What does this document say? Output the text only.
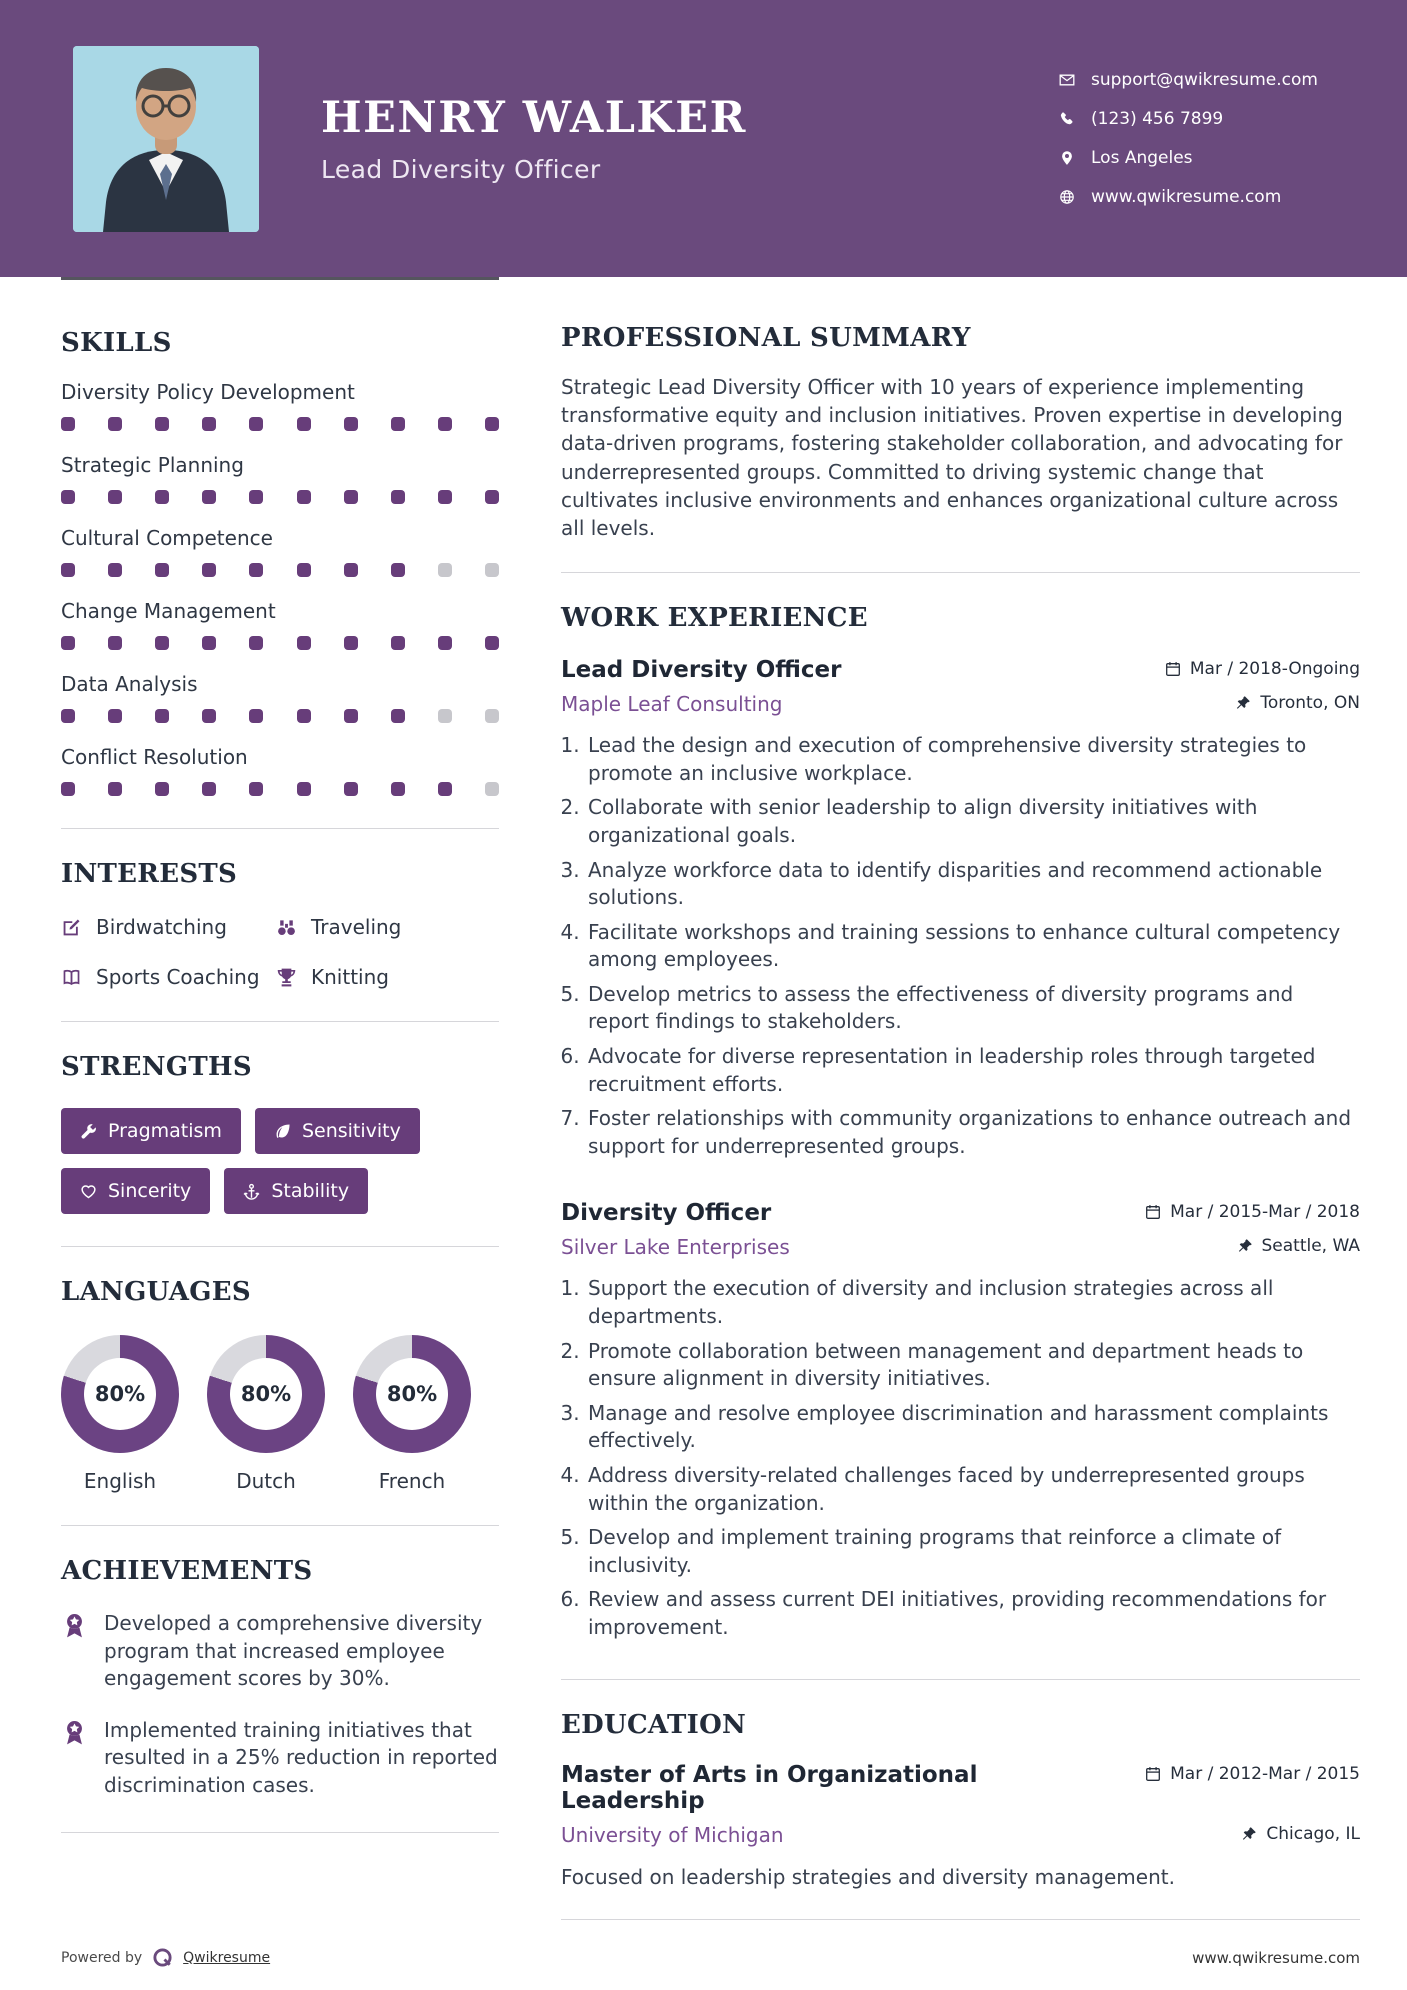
HENRY WALKER
Lead Diversity Officer
support@qwikresume.com
(123) 456 7899
Los Angeles
www.qwikresume.com
SKILLS
Diversity Policy Development
Strategic Planning
Cultural Competence
Change Management
Data Analysis
Conflict Resolution
INTERESTS
Birdwatching	Traveling
Sports Coaching	Knitting
STRENGTHS
Pragmatism	Sensitivity
Sincerity	Stability
LANGUAGES
80%
English
80%
Dutch
80%
French
ACHIEVEMENTS
Developed a comprehensive diversity program that increased employee engagement scores by 30%.
Implemented training initiatives that resulted in a 25% reduction in reported discrimination cases.
PROFESSIONAL SUMMARY

Strategic Lead Diversity Officer with 10 years of experience implementing transformative equity and inclusion initiatives. Proven expertise in developing data-driven programs, fostering stakeholder collaboration, and advocating for underrepresented groups. Committed to driving systemic change that cultivates inclusive environments and enhances organizational culture across all levels.

WORK EXPERIENCE
Lead Diversity Officer	Mar / 2018-Ongoing
Maple Leaf Consulting	Toronto, ON
1. Lead the design and execution of comprehensive diversity strategies to promote an inclusive workplace.
2. Collaborate with senior leadership to align diversity initiatives with organizational goals.
3. Analyze workforce data to identify disparities and recommend actionable solutions.
4. Facilitate workshops and training sessions to enhance cultural competency among employees.
5. Develop metrics to assess the effectiveness of diversity programs and report findings to stakeholders.
6. Advocate for diverse representation in leadership roles through targeted recruitment efforts.
7. Foster relationships with community organizations to enhance outreach and support for underrepresented groups.
Diversity Officer	Mar / 2015-Mar / 2018
Silver Lake Enterprises	Seattle, WA
1. Support the execution of diversity and inclusion strategies across all departments.
2. Promote collaboration between management and department heads to ensure alignment in diversity initiatives.
3. Manage and resolve employee discrimination and harassment complaints effectively.
4. Address diversity-related challenges faced by underrepresented groups within the organization.
5. Develop and implement training programs that reinforce a climate of inclusivity.
6. Review and assess current DEI initiatives, providing recommendations for improvement.
EDUCATION
Master of Arts in Organizational Leadership
Mar / 2012-Mar / 2015
University of Michigan	Chicago, IL

Focused on leadership strategies and diversity management.

Powered by	Qwikresume	www.qwikresume.com
